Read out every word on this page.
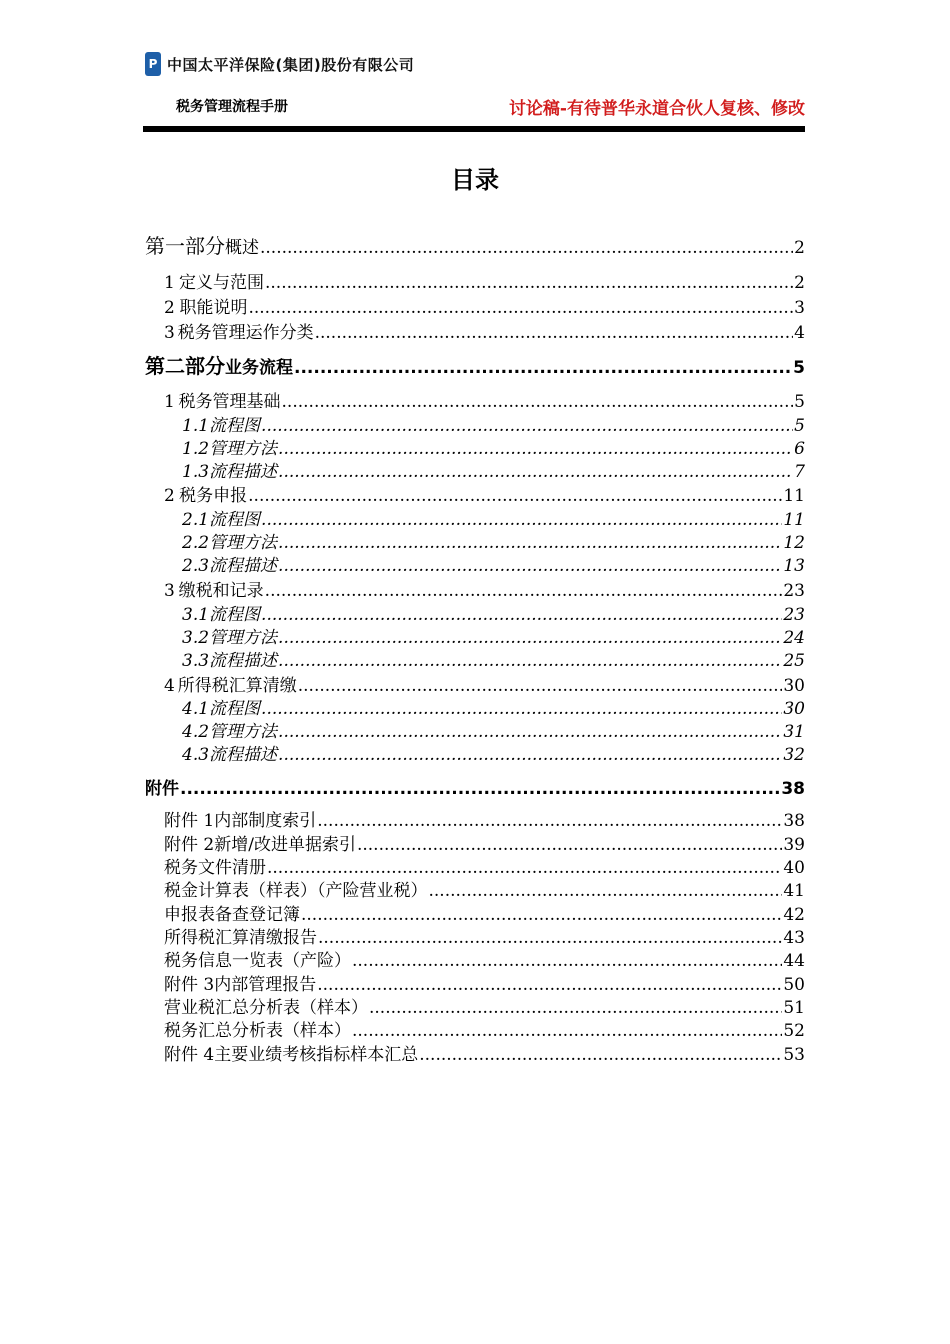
P 中国太平洋保险(集团)股份有限公司
税务管理流程手册	讨论稿-有待普华永道合伙人复核、修改
目录
第一部分 概述 .....	2
1 定义与范围 .....	2
2 职能说明 .....	3
3 税务管理运作分类 .....	4
第二部分 业务流程 .....	5
1 税务管理基础 .....	5
1.1 流程图 .....	5
1.2 管理方法 .....	6
1.3 流程描述 .....	7
2 税务申报 .....	11
2.1 流程图 .....	11
2.2 管理方法 .....	12
2.3 流程描述 .....	13
3 缴税和记录 .....	23
3.1 流程图 .....	23
3.2 管理方法 .....	24
3.3 流程描述 .....	25
4 所得税汇算清缴 .....	30
4.1 流程图 .....	30
4.2 管理方法 .....	31
4.3 流程描述 .....	32
附件 .....	38
附件 1 内部制度索引 .....	38
附件 2 新增/改进单据索引 .....	39
税务文件清册 .....	40
税金计算表（样表）（产险营业税） .....	41
申报表备查登记簿 .....	42
所得税汇算清缴报告 .....	43
税务信息一览表（产险） .....	44
附件 3 内部管理报告 .....	50
营业税汇总分析表（样本） .....	51
税务汇总分析表（样本） .....	52
附件 4 主要业绩考核指标样本汇总 .....	53
